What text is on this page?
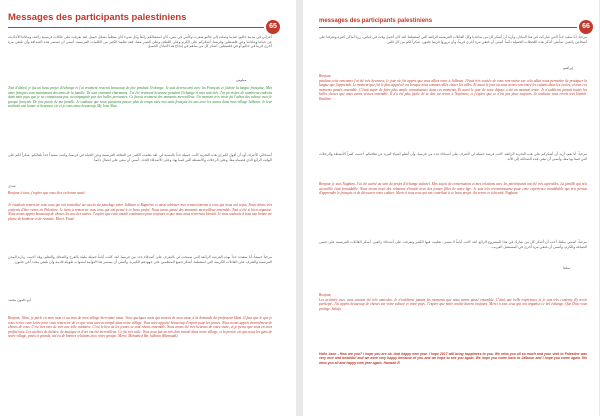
Messages des participants palestiniens
65

أعزائي في مدينة جالبو: عندما وصلت إلى جالبو شعرت وكأنني في بيتي، كان استقبالكم رائعاً وكل شيء كان منظماً بشكل جميل. لقد تعرفت على عائلات فرنسية رائعة، وتبادلنا الأحاديث عن حياتنا وعاداتنا وعن فلسطين وفرنسا. أشكركم على الكرم وعلى اللطف وعلى الصبر معنا، فقد تعلمنا الكثير من الكلمات الفرنسية. أتمنى أن تستمر هذه الصداقة وأن نلتقي مرة أخرى قريباً في جالبو أو في فلسطين. أشكر كل من ساهم في إنجاح هذا التبادل الجميل.

ميلوس

Tout d'abord, je fus un beau projet d'échange et j'ai vraiment ressenti beaucoup de joie pendant l'échange. Je suis devenu ami avec les Français et j'adore la langue française. Mes amis français sont maintenant des amis de la famille. Ils sont vraiment charmants. J'ai été vraiment heureuse pendant l'échange et mes activités. J'ai pu visiter de nombreux endroits dans mon pays que je ne connaissais pas, accompagnée par des belles personnes. Ce furent vraiment des moments merveilleux. Un moment très triste fut l'adieu des adieux avec le groupe français. De fois partie de ma famille. Je souhaite que nous puissions passer plus de temps avec nos amis français les uns avec les autres dans mon village Jalboun. Je leur souhaite une bonne et heureuse vie et je vous aime beaucoup. My lova Alaa.

أصدقائي الأعزاء، أود أن أقول لكم إن هذه التجربة كانت جميلة جداً بالنسبة لي. لقد تعلمت الكثير عن الثقافة الفرنسية وعن الحياة في فرنسا، وكنت سعيداً جداً بلقائكم. شكراً لكم على الوقت الرائع الذي قضيناه معاً، وعلى الرحلات والأنشطة التي قمنا بها، وعلى الأصدقاء الجدد. أتمنى أن نبقى على اتصال دائماً.

شذى

Bonjour à tous, j'espère que vous êtes en bonne santé.

Je voudrais remercier tous ceux qui ont contribué au succès du jumelage entre Jalboun et Bagnères et aussi adresser mes remerciements à ceux qui nous ont reçus. Nous étions très contents d'être venus en Palestine. Je tiens à remercier tous ceux qui ont pensé à ce beau projet. Nous avons passé des moments merveilleux ensemble. Tout a été si bien organisé. Nous avons appris beaucoup de choses les uns des autres. J'espère que cette amitié continuera pour toujours et que nous nous reverrons bientôt. Je vous souhaite à tous une bonne vie pleine de bonheur et de réussite. Merci. Faad.

مرحباً جميعاً، أنا سعيدة جداً بهذه الفرصة الرائعة التي سمحت لي بالتعرف على أصدقاء جدد من فرنسا. لقد كانت أياماً جميلة مليئة بالفرح والضحك والتعلم، وقد أحببت زيارة المدن الفرنسية والتعرف على العائلات الكريمة التي استقبلتنا. أشكر جميع المنظمين على جهودهم الكبيرة، وأتمنى أن يستمر هذا التوأمة لسنوات طويلة قادمة وأن نلتقي مجدداً في جلبون.

أبو جلبون محمد

Bonjour, Jibra, je parle en mon nom et au nom de mon village bien-aimé aussi. Voici quelques mots qui sortent de mon cœur, à la demande du professeur Hani. Il faut que le que je vous écrive cette lettre pour vous remercier de ce que vous avez accompli dans notre village. Vous avez apporté beaucoup d'espoir pour les jeunes. Nous avons appris énormément de choses de vous. C'est très rare de voir une telle initiative. C'est le lieu où les jeunes se sont réunis ensemble. Nous avons été très heureux de votre visite, et je pense que vous en avez profité tous. Les ateliers de théâtre, de musique et d'art ont été merveilleux. Ce fut très utile. Vous avez fait un très bon travail dans notre village, et la preuve est que nous les gens de notre village, petits et grands, ont eu de bonnes relations avec votre groupe. Merci. Mohamed Ibn Jalboun (Hamoudi).

messages des participants palestiniens
66

مرحباً، أنا سعيد جداً لأنني شاركت في هذا التبادل، وأريد أن أشكر كل من ساعدنا وكل العائلات الفرنسية الرائعة التي استقبلتنا. لقد كان أجمل وقت في حياتي، زرنا أماكن كثيرة وتعرفنا على أشخاص رائعين. سأبقى أتذكر هذه اللحظات الجميلة دائماً. أتمنى أن نلتقي مرة أخرى قريباً، وأن تزوروا قريتنا جلبون. شكراً لكم من كل قلبي.

إبراهيم

Bonjour,
pendant cette rencontre j'ai été très heureuse, le jour où j'ai appris que vous alliez venir à Jalboun. J'étais très excitée de vous rencontrer car cela allait nous permettre de pratiquer la langue que j'apprends. Le moment que j'ai le plus apprécié est lorsque nous sommes allés visiter les villes. Et aussi le jour où nous avons rencontré les enfants dans les écoles, et tous ces moments passés ensemble. C'était super de faire plus ample connaissance dans ces moments. Et aussi le jour de votre départ a été un moment triste. Je n'oublierai jamais toutes les belles choses que nous avons vécues ensemble. Il n'a été plus facile de se dire au revoir à Naplouse, et j'espère que ce n'est pas pour toujours. Je souhaite vous revoir très bientôt. Ibrahim

مرحباً، أنا نغم، أريد أن أشكركم على هذه التجربة الرائعة. كانت فرصة جميلة لي لأتعرف على أصدقاء جدد من فرنسا، وأن أتعلم أشياء كثيرة عن ثقافتكم. أحببت كثيراً الأنشطة والرحلات التي قمنا بها معاً، وأتمنى أن تبقى هذه الصداقة إلى الأبد.

Bonjour, je suis Naghum. J'ai été activé au sein du projet d'échange culturel. Mes sujets de conversation et mes relations avec les participants ont été très agréables. La famille qui m'a accueillie était formidable. Nous avons noué des relations d'amitié avec des jeunes filles de notre âge. Je suis très reconnaissante pour cette expérience inoubliable qui m'a permis d'apprendre le français et de découvrir votre culture. Merci à tous ceux qui ont contribué à ce beau projet. Au revoir et à bientôt. Naghum

مرحباً، اسمي سلفا، أحب أن أشكر كل من شارك في هذا المشروع الرائع. لقد كانت أياماً لا تنسى، تعلمت فيها الكثير وتعرفت على أصدقاء رائعين. أشكر العائلات الفرنسية على حسن الضيافة والكرم، وأتمنى أن نلتقي مرة أخرى في المستقبل القريب.

سلفا

Bonjour,
Les activités avec vous avaient été très amicales. Je n'oublierai jamais les moments que nous avons passé ensemble. C'était une belle expérience et je suis très contente d'y avoir participé. J'ai appris beaucoup de choses sur votre culture et votre pays. J'espère que notre amitié durera toujours. Merci à tous ceux qui ont organisé ce bel échange. Que Dieu vous protège. Salafa

Hello Jann - How are you? I hope you are ok. And happy new year. I hope 2017 will bring happiness to you. We miss you all so much and your visit to Palestine was very nice and beautiful and we were very happy because of you and we hope to see you again. We hope you come back to Jalboun and I hope you come again. We miss you all and happy new year again. Hamzah R
